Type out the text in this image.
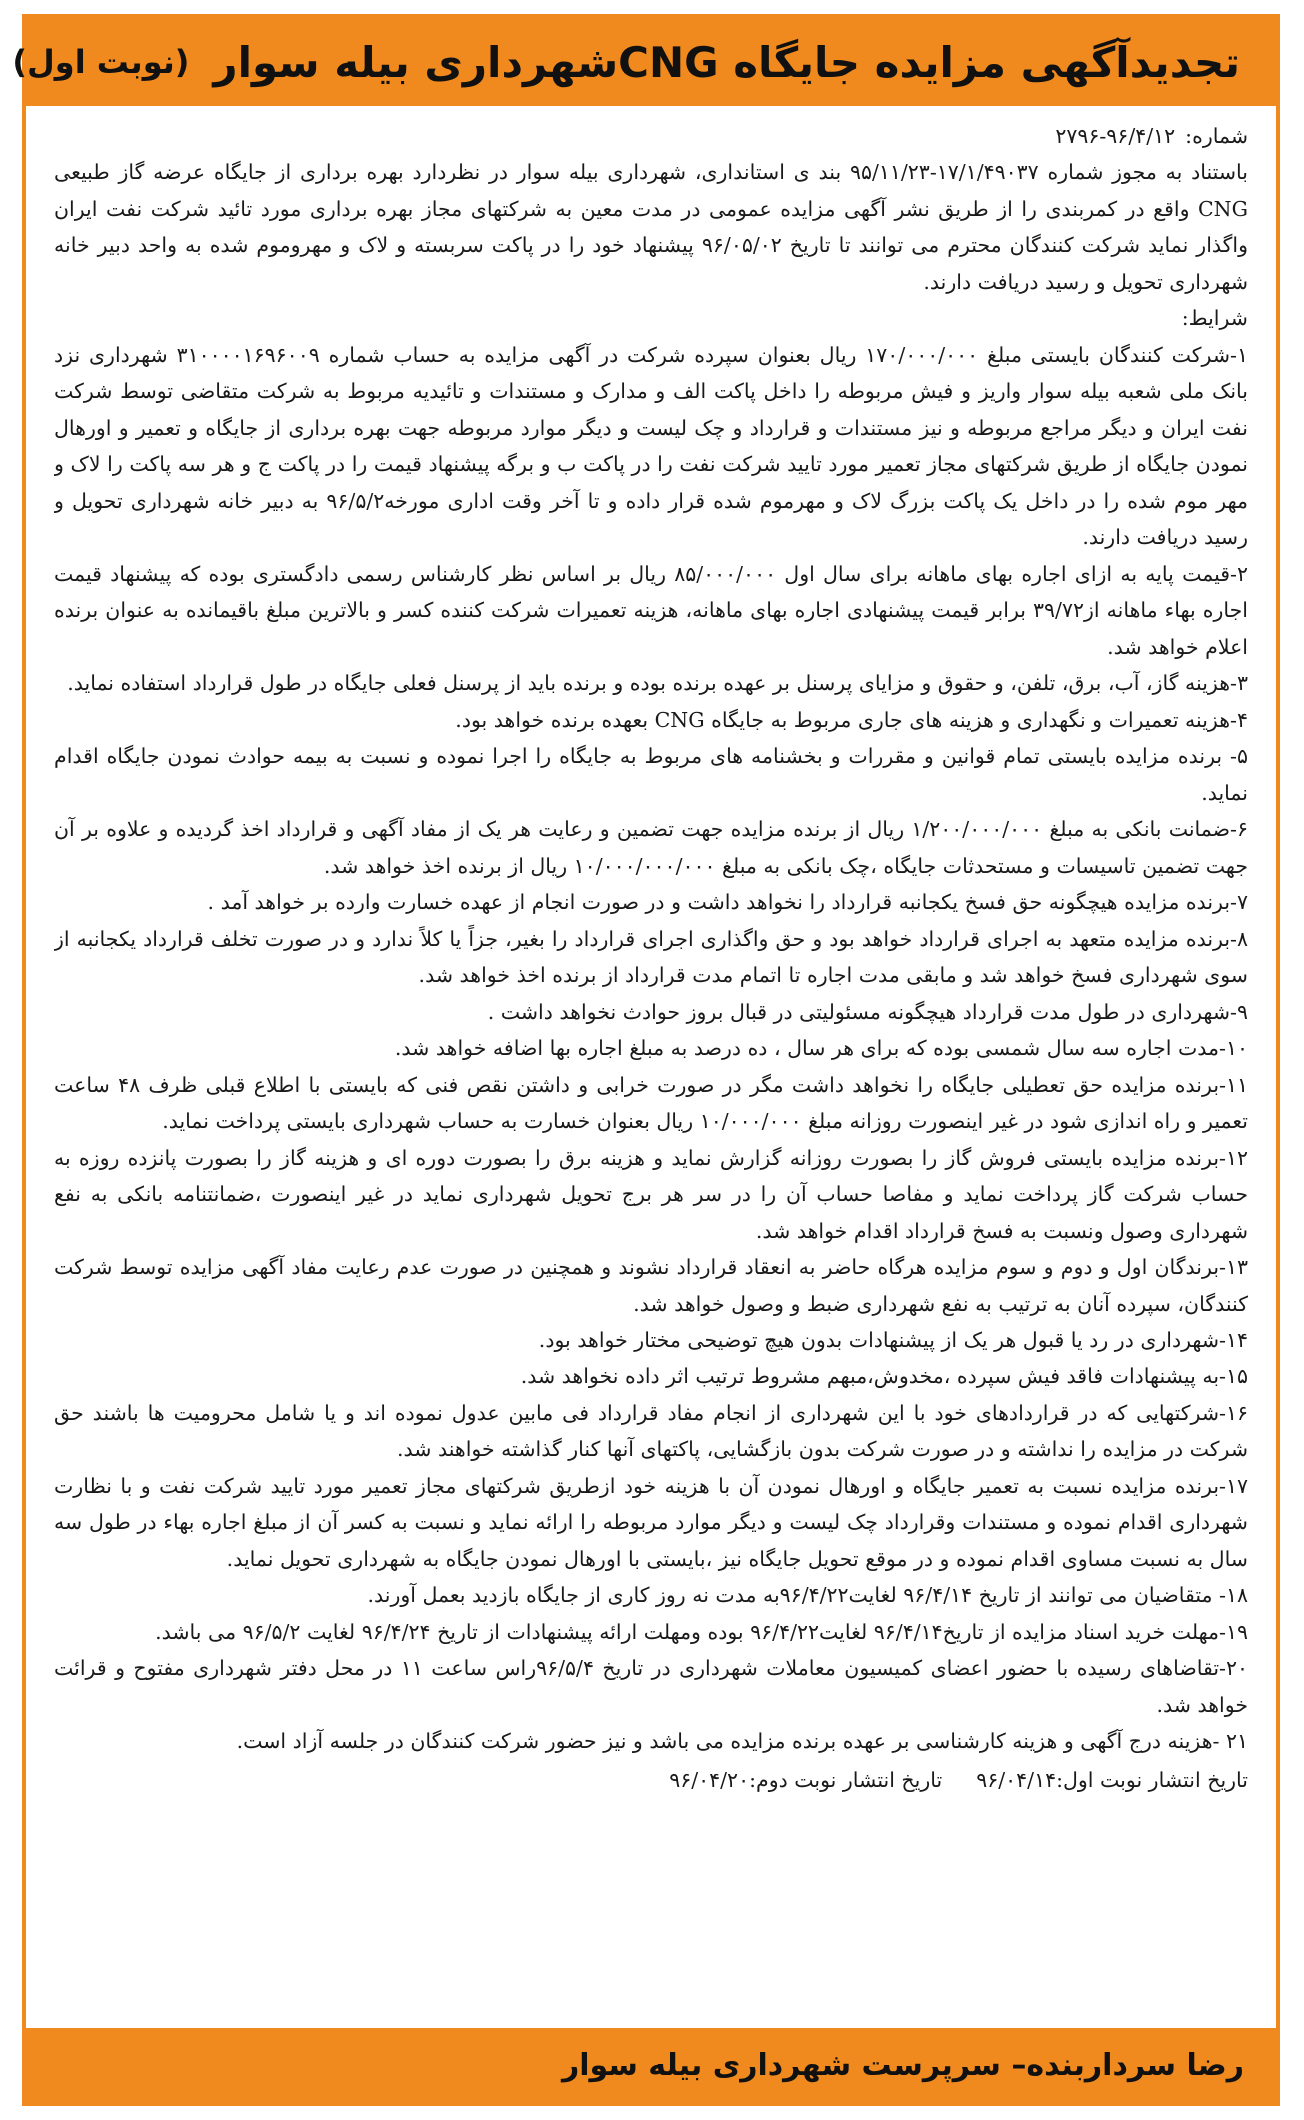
تجدیدآگهی مزایده جایگاه CNGشهرداری بیله سوار
(نوبت اول)
شماره:
۲۷۹۶-۹۶/۴/۱۲

باستناد به مجوز شماره ۱۷/۱/۴۹۰۳۷-۹۵/۱۱/۲۳ بند ی استانداری، شهرداری بیله سوار در نظردارد بهره برداری از جایگاه عرضه گاز طبیعی CNG واقع در کمربندی را از طریق نشر آگهی مزایده عمومی در مدت معین به شرکتهای مجاز بهره برداری مورد تائید شرکت نفت ایران واگذار نماید شرکت کنندگان محترم می توانند تا تاریخ ۹۶/۰۵/۰۲ پیشنهاد خود را در پاکت سربسته و لاک و مهروموم شده به واحد دبیر خانه شهرداری تحویل و رسید دریافت دارند.

شرایط:

۱-شرکت کنندگان بایستی مبلغ ۱۷۰/۰۰۰/۰۰۰ ریال بعنوان سپرده شرکت در آگهی مزایده به حساب شماره ۳۱۰۰۰۰۱۶۹۶۰۰۹ شهرداری نزد بانک ملی شعبه بیله سوار واریز و فیش مربوطه را داخل پاکت الف و مدارک و مستندات و تائیدیه مربوط به شرکت متقاضی توسط شرکت نفت ایران و دیگر مراجع مربوطه و نیز مستندات و قرارداد و چک لیست و دیگر موارد مربوطه جهت بهره برداری از جایگاه و تعمیر و اورهال نمودن جایگاه از طریق شرکتهای مجاز تعمیر مورد تایید شرکت نفت را در پاکت ب و برگه پیشنهاد قیمت را در پاکت ج و هر سه پاکت را لاک و مهر موم شده را در داخل یک پاکت بزرگ لاک و مهرموم شده قرار داده و تا آخر وقت اداری مورخه۹۶/۵/۲ به دبیر خانه شهرداری تحویل و رسید دریافت دارند.

۲-قیمت پایه به ازای اجاره بهای ماهانه برای سال اول ۸۵/۰۰۰/۰۰۰ ریال بر اساس نظر کارشناس رسمی دادگستری بوده که پیشنهاد قیمت اجاره بهاء ماهانه از۳۹/۷۲ برابر قیمت پیشنهادی اجاره بهای ماهانه، هزینه تعمیرات شرکت کننده کسر و بالاترین مبلغ باقیمانده به عنوان برنده اعلام خواهد شد.

۳-هزینه گاز، آب، برق، تلفن، و حقوق و مزایای پرسنل بر عهده برنده بوده و برنده باید از پرسنل فعلی جایگاه در طول قرارداد استفاده نماید.

۴-هزینه تعمیرات و نگهداری و هزینه های جاری مربوط به جایگاه CNG بعهده برنده خواهد بود.

۵- برنده مزایده بایستی تمام قوانین و مقررات و بخشنامه های مربوط به جایگاه را اجرا نموده و نسبت به بیمه حوادث نمودن جایگاه اقدام نماید.

۶-ضمانت بانکی به مبلغ ۱/۲۰۰/۰۰۰/۰۰۰ ریال از برنده مزایده جهت تضمین و رعایت هر یک از مفاد آگهی و قرارداد اخذ گردیده و علاوه بر آن جهت تضمین تاسیسات و مستحدثات جایگاه ،چک بانکی به مبلغ ۱۰/۰۰۰/۰۰۰/۰۰۰ ریال از برنده اخذ خواهد شد.

۷-برنده مزایده هیچگونه حق فسخ یکجانبه قرارداد را نخواهد داشت و در صورت انجام از عهده خسارت وارده بر خواهد آمد .

۸-برنده مزایده متعهد به اجرای قرارداد خواهد بود و حق واگذاری اجرای قرارداد را بغیر، جزاً یا کلاً ندارد و در صورت تخلف قرارداد یکجانبه از سوی شهرداری فسخ خواهد شد و مابقی مدت اجاره تا اتمام مدت قرارداد از برنده اخذ خواهد شد.

۹-شهرداری در طول مدت قرارداد هیچگونه مسئولیتی در قبال بروز حوادث نخواهد داشت .

۱۰-مدت اجاره سه سال شمسی بوده که برای هر سال ، ده درصد به مبلغ اجاره بها اضافه خواهد شد.

۱۱-برنده مزایده حق تعطیلی جایگاه را نخواهد داشت مگر در صورت خرابی و داشتن نقص فنی که بایستی با اطلاع قبلی ظرف ۴۸ ساعت تعمیر و راه اندازی شود در غیر اینصورت روزانه مبلغ ۱۰/۰۰۰/۰۰۰ ریال بعنوان خسارت به حساب شهرداری بایستی پرداخت نماید.

۱۲-برنده مزایده بایستی فروش گاز را بصورت روزانه گزارش نماید و هزینه برق را بصورت دوره ای و هزینه گاز را بصورت پانزده روزه به حساب شرکت گاز پرداخت نماید و مفاصا حساب آن را در سر هر برج تحویل شهرداری نماید در غیر اینصورت ،ضمانتنامه بانکی به نفع شهرداری وصول ونسبت به فسخ قرارداد اقدام خواهد شد.

۱۳-برندگان اول و دوم و سوم مزایده هرگاه حاضر به انعقاد قرارداد نشوند و همچنین در صورت عدم رعایت مفاد آگهی مزایده توسط شرکت کنندگان، سپرده آنان به ترتیب به نفع شهرداری ضبط و وصول خواهد شد.

۱۴-شهرداری در رد یا قبول هر یک از پیشنهادات بدون هیچ توضیحی مختار خواهد بود.

۱۵-به پیشنهادات فاقد فیش سپرده ،مخدوش،مبهم مشروط ترتیب اثر داده نخواهد شد.

۱۶-شرکتهایی که در قراردادهای خود با این شهرداری از انجام مفاد قرارداد فی مابین عدول نموده اند و یا شامل محرومیت ها باشند حق شرکت در مزایده را نداشته و در صورت شرکت بدون بازگشایی، پاکتهای آنها کنار گذاشته خواهند شد.

۱۷-برنده مزایده نسبت به تعمیر جایگاه و اورهال نمودن آن با هزینه خود ازطریق شرکتهای مجاز تعمیر مورد تایید شرکت نفت و با نظارت شهرداری اقدام نموده و مستندات وقرارداد چک لیست و دیگر موارد مربوطه را ارائه نماید و نسبت به کسر آن از مبلغ اجاره بهاء در طول سه سال به نسبت مساوی اقدام نموده و در موقع تحویل جایگاه نیز ،بایستی با اورهال نمودن جایگاه به شهرداری تحویل نماید.

۱۸- متقاضیان می توانند از تاریخ ۹۶/۴/۱۴ لغایت۹۶/۴/۲۲به مدت نه روز کاری از جایگاه بازدید بعمل آورند.

۱۹-مهلت خرید اسناد مزایده از تاریخ۹۶/۴/۱۴ لغایت۹۶/۴/۲۲ بوده ومهلت ارائه پیشنهادات از تاریخ ۹۶/۴/۲۴ لغایت ۹۶/۵/۲ می باشد.

۲۰-تقاضاهای رسیده با حضور اعضای کمیسیون معاملات شهرداری در تاریخ ۹۶/۵/۴راس ساعت ۱۱ در محل دفتر شهرداری مفتوح و قرائت خواهد شد.

۲۱ -هزینه درج آگهی و هزینه کارشناسی بر عهده برنده مزایده می باشد و نیز حضور شرکت کنندگان در جلسه آزاد است.

تاریخ انتشار نوبت اول:۹۶/۰۴/۱۴
تاریخ انتشار نوبت دوم:۹۶/۰۴/۲۰
رضا سرداربنده– سرپرست شهرداری بیله سوار
